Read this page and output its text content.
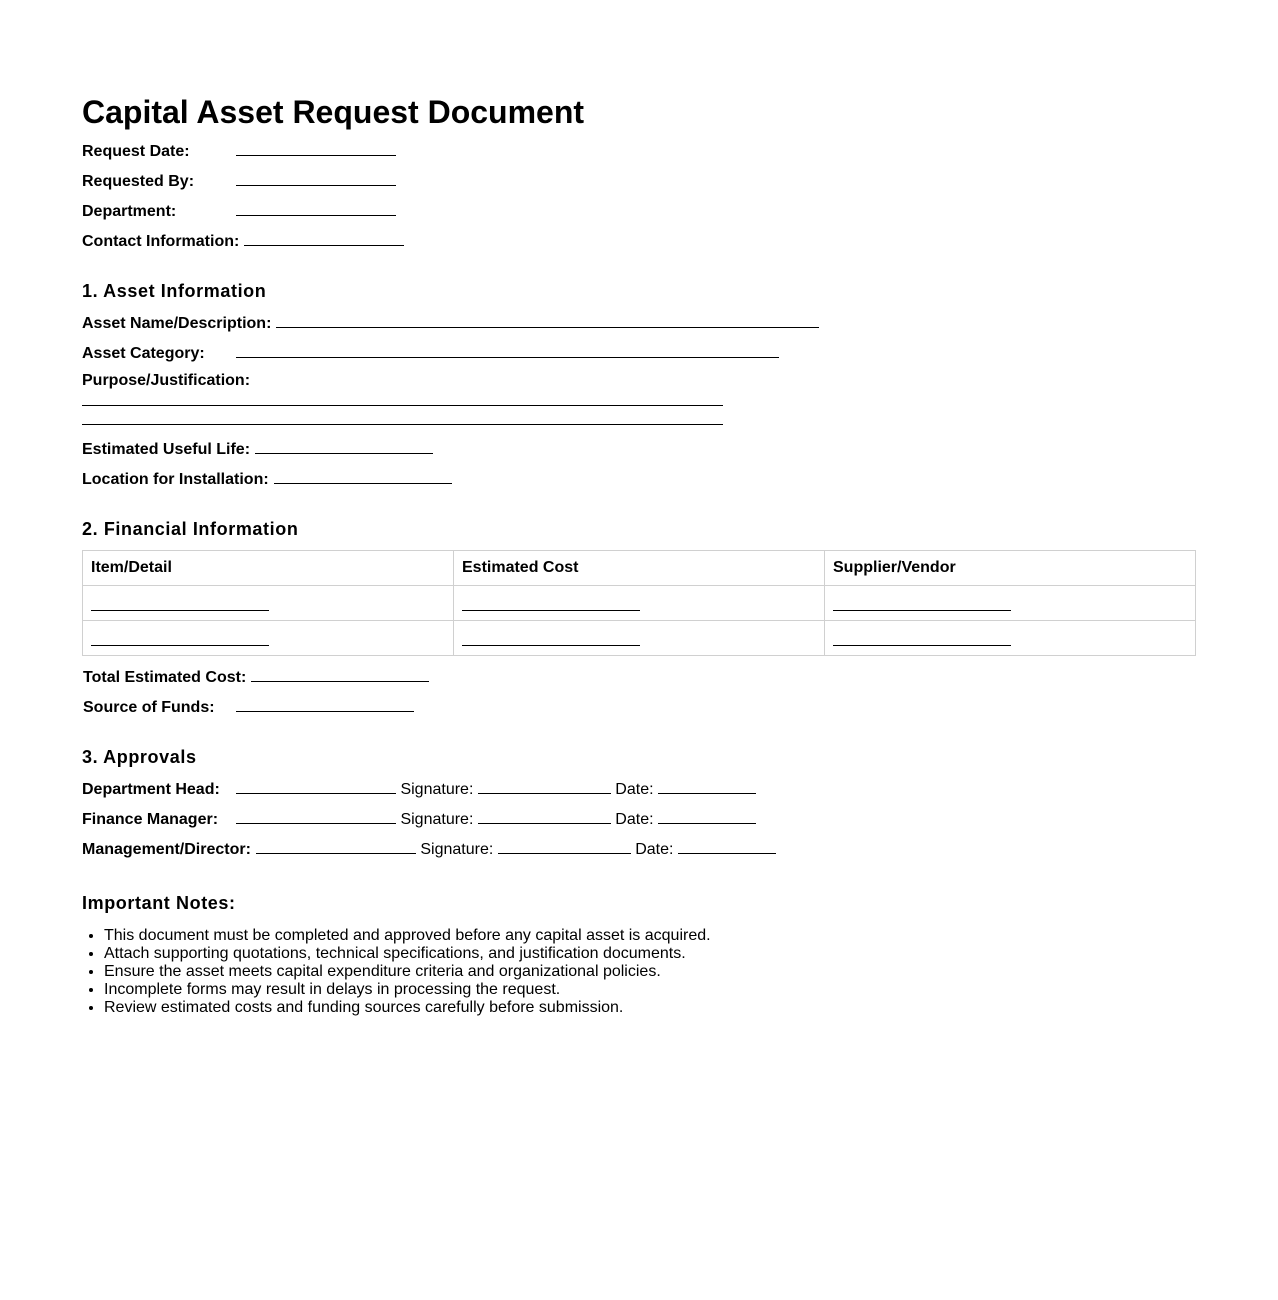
Capital Asset Request Document
Request Date:
Requested By:
Department:
Contact Information:
1. Asset Information
Asset Name/Description:
Asset Category:
Purpose/Justification:
Estimated Useful Life:
Location for Installation:
2. Financial Information
Item/Detail	Estimated Cost	Supplier/Vendor

Total Estimated Cost:
Source of Funds:
3. Approvals
Department Head:	Signature:	Date:
Finance Manager:	Signature:	Date:
Management/Director:	Signature:	Date:
Important Notes:
• This document must be completed and approved before any capital asset is acquired.
• Attach supporting quotations, technical specifications, and justification documents.
• Ensure the asset meets capital expenditure criteria and organizational policies.
• Incomplete forms may result in delays in processing the request.
• Review estimated costs and funding sources carefully before submission.
